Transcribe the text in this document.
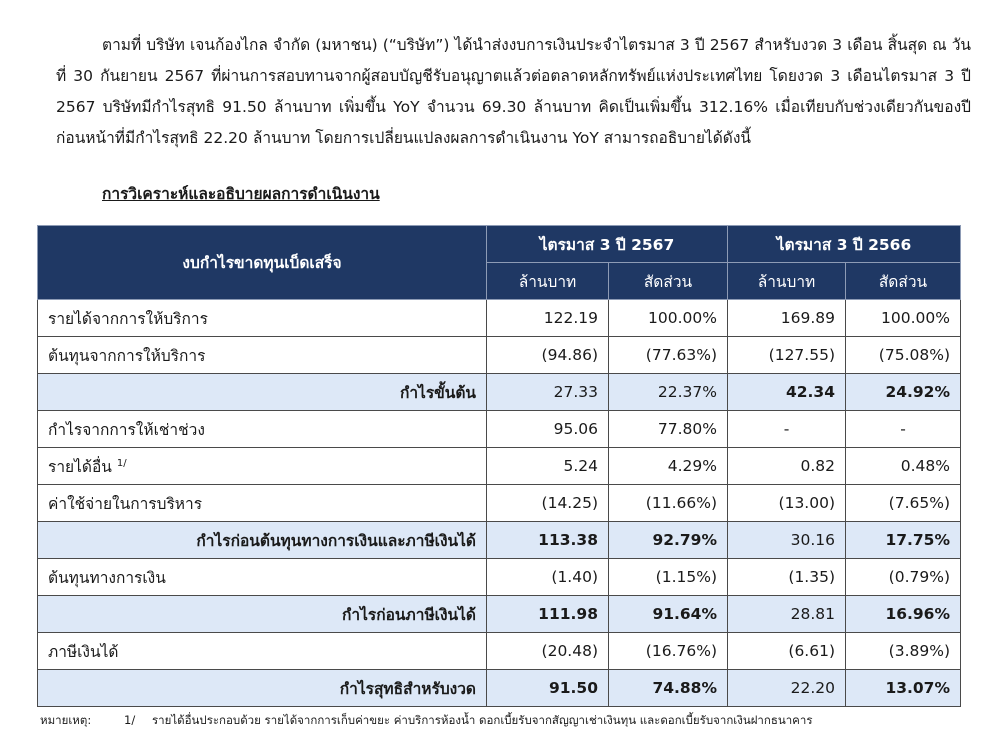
ตามที่ บริษัท เจนก้องไกล จำกัด (มหาชน) (“บริษัท”) ได้นำส่งงบการเงินประจำไตรมาส 3 ปี 2567 สำหรับงวด 3 เดือน สิ้นสุด ณ วันที่ 30 กันยายน 2567 ที่ผ่านการสอบทานจากผู้สอบบัญชีรับอนุญาตแล้วต่อตลาดหลักทรัพย์แห่งประเทศไทย โดยงวด 3 เดือนไตรมาส 3 ปี 2567 บริษัทมีกำไรสุทธิ 91.50 ล้านบาท เพิ่มขึ้น YoY จำนวน 69.30 ล้านบาท คิดเป็นเพิ่มขึ้น 312.16% เมื่อเทียบกับช่วงเดียวกันของปีก่อนหน้าที่มีกำไรสุทธิ 22.20 ล้านบาท โดยการเปลี่ยนแปลงผลการดำเนินงาน YoY สามารถอธิบายได้ดังนี้
การวิเคราะห์และอธิบายผลการดำเนินงาน
งบกำไรขาดทุนเบ็ดเสร็จ	ไตรมาส 3 ปี 2567		ไตรมาส 3 ปี 2566	
	ล้านบาท	สัดส่วน	ล้านบาท	สัดส่วน
รายได้จากการให้บริการ	122.19	100.00%	169.89	100.00%
ต้นทุนจากการให้บริการ	(94.86)	(77.63%)	(127.55)	(75.08%)
กำไรขั้นต้น	27.33	22.37%	42.34	24.92%
กำไรจากการให้เช่าช่วง	95.06	77.80%	-	-
รายได้อื่น $^{1/}$	5.24	4.29%	0.82	0.48%
ค่าใช้จ่ายในการบริหาร	(14.25)	(11.66%)	(13.00)	(7.65%)
กำไรก่อนต้นทุนทางการเงินและภาษีเงินได้	113.38	92.79%	30.16	17.75%
ต้นทุนทางการเงิน	(1.40)	(1.15%)	(1.35)	(0.79%)
กำไรก่อนภาษีเงินได้	111.98	91.64%	28.81	16.96%
ภาษีเงินได้	(20.48)	(16.76%)	(6.61)	(3.89%)
กำไรสุทธิสำหรับงวด	91.50	74.88%	22.20	13.07%
หมายเหตุ:	1/ รายได้อื่นประกอบด้วย รายได้จากการเก็บค่าขยะ ค่าบริการห้องน้ำ ดอกเบี้ยรับจากสัญญาเช่าเงินทุน และดอกเบี้ยรับจากเงินฝากธนาคาร
